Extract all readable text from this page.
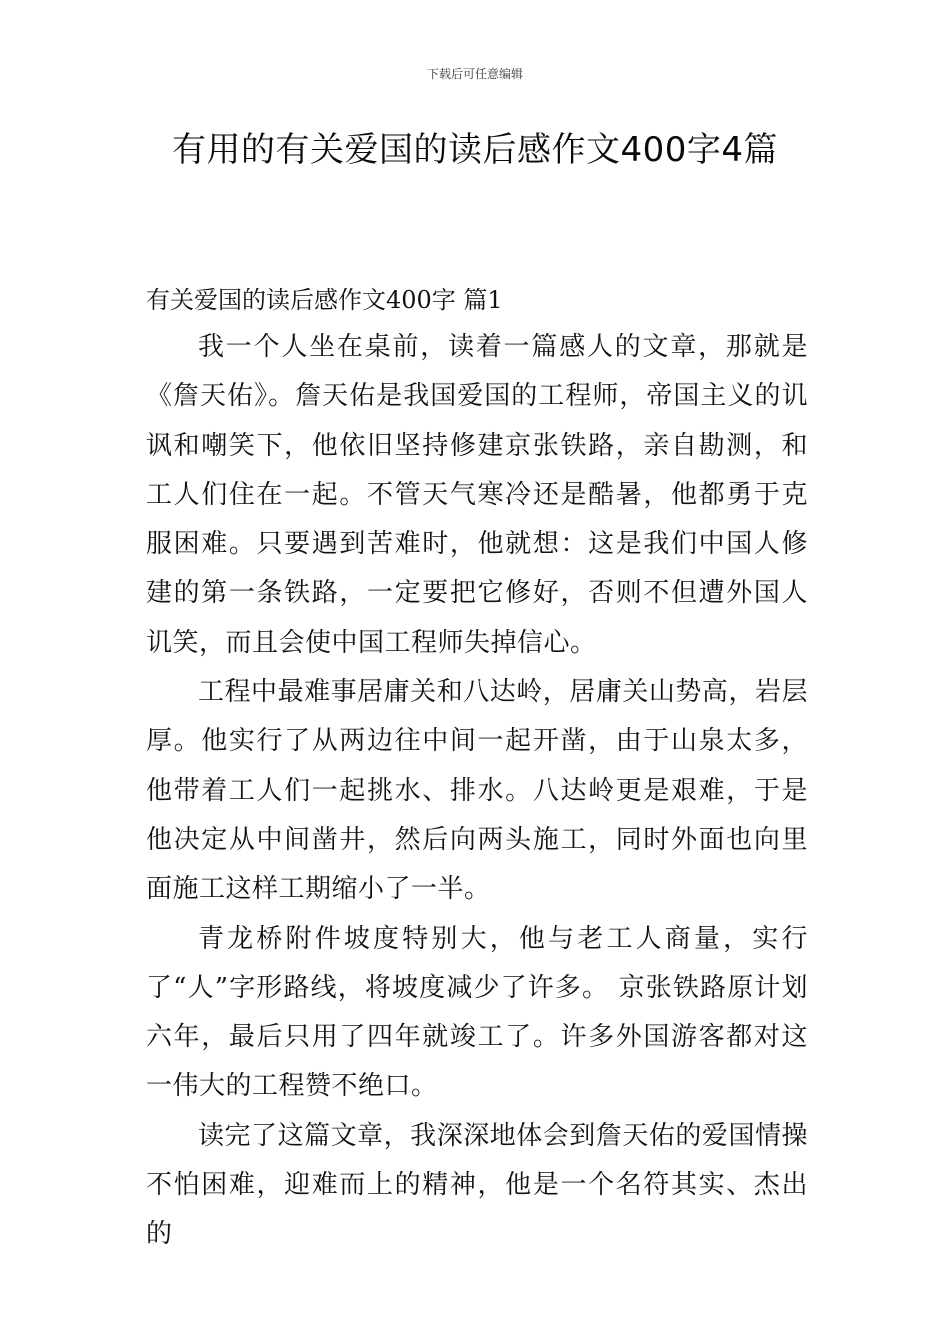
下载后可任意编辑
有用的有关爱国的读后感作文400字4篇

有关爱国的读后感作文400字 篇1

我一个人坐在桌前，读着一篇感人的文章，那就是《詹天佑》。詹天佑是我国爱国的工程师，帝国主义的讥讽和嘲笑下，他依旧坚持修建京张铁路，亲自勘测，和工人们住在一起。不管天气寒冷还是酷暑，他都勇于克服困难。只要遇到苦难时，他就想：这是我们中国人修建的第一条铁路，一定要把它修好，否则不但遭外国人讥笑，而且会使中国工程师失掉信心。

工程中最难事居庸关和八达岭，居庸关山势高，岩层厚。他实行了从两边往中间一起开凿，由于山泉太多，他带着工人们一起挑水、排水。八达岭更是艰难，于是他决定从中间凿井，然后向两头施工，同时外面也向里面施工这样工期缩小了一半。

青龙桥附件坡度特别大，他与老工人商量，实行了“人”字形路线，将坡度减少了许多。 京张铁路原计划六年，最后只用了四年就竣工了。许多外国游客都对这一伟大的工程赞不绝口。

读完了这篇文章，我深深地体会到詹天佑的爱国情操不怕困难，迎难而上的精神，他是一个名符其实、杰出的
